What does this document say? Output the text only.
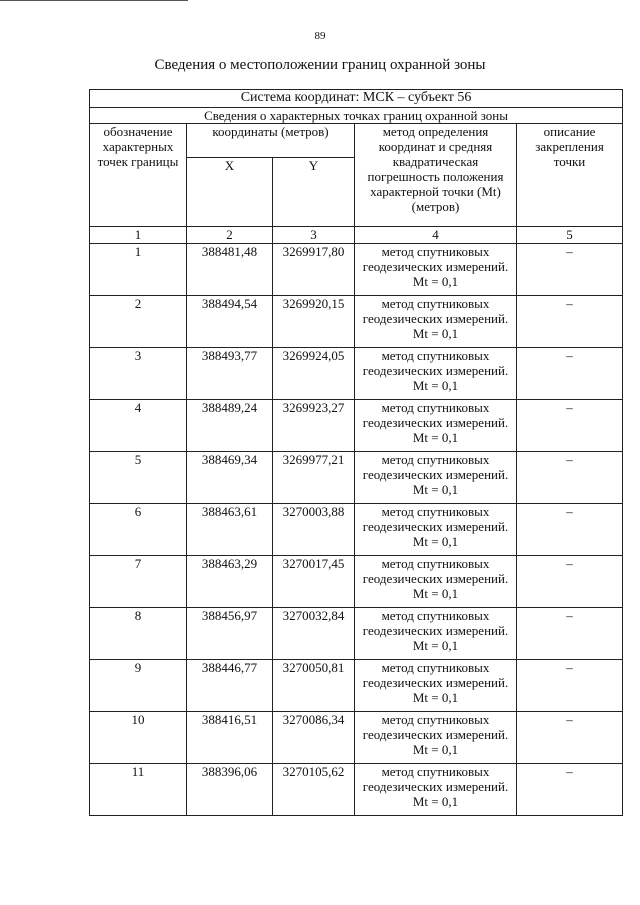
89
Сведения о местоположении границ охранной зоны
Система координат: МСК – субъект 56				
Сведения о характерных точках границ охранной зоны				
обозначение характерных точек границы	координаты (метров)		метод определения координат и средняя квадратическая погрешность положения характерной точки (Mt) (метров)	описание закрепления точки
	X	Y		
1	2	3	4	5
1	388481,48	3269917,80	метод спутниковых геодезических измерений. Mt = 0,1	–
2	388494,54	3269920,15	метод спутниковых геодезических измерений. Mt = 0,1	–
3	388493,77	3269924,05	метод спутниковых геодезических измерений. Mt = 0,1	–
4	388489,24	3269923,27	метод спутниковых геодезических измерений. Mt = 0,1	–
5	388469,34	3269977,21	метод спутниковых геодезических измерений. Mt = 0,1	–
6	388463,61	3270003,88	метод спутниковых геодезических измерений. Mt = 0,1	–
7	388463,29	3270017,45	метод спутниковых геодезических измерений. Mt = 0,1	–
8	388456,97	3270032,84	метод спутниковых геодезических измерений. Mt = 0,1	–
9	388446,77	3270050,81	метод спутниковых геодезических измерений. Mt = 0,1	–
10	388416,51	3270086,34	метод спутниковых геодезических измерений. Mt = 0,1	–
11	388396,06	3270105,62	метод спутниковых геодезических измерений. Mt = 0,1	–
